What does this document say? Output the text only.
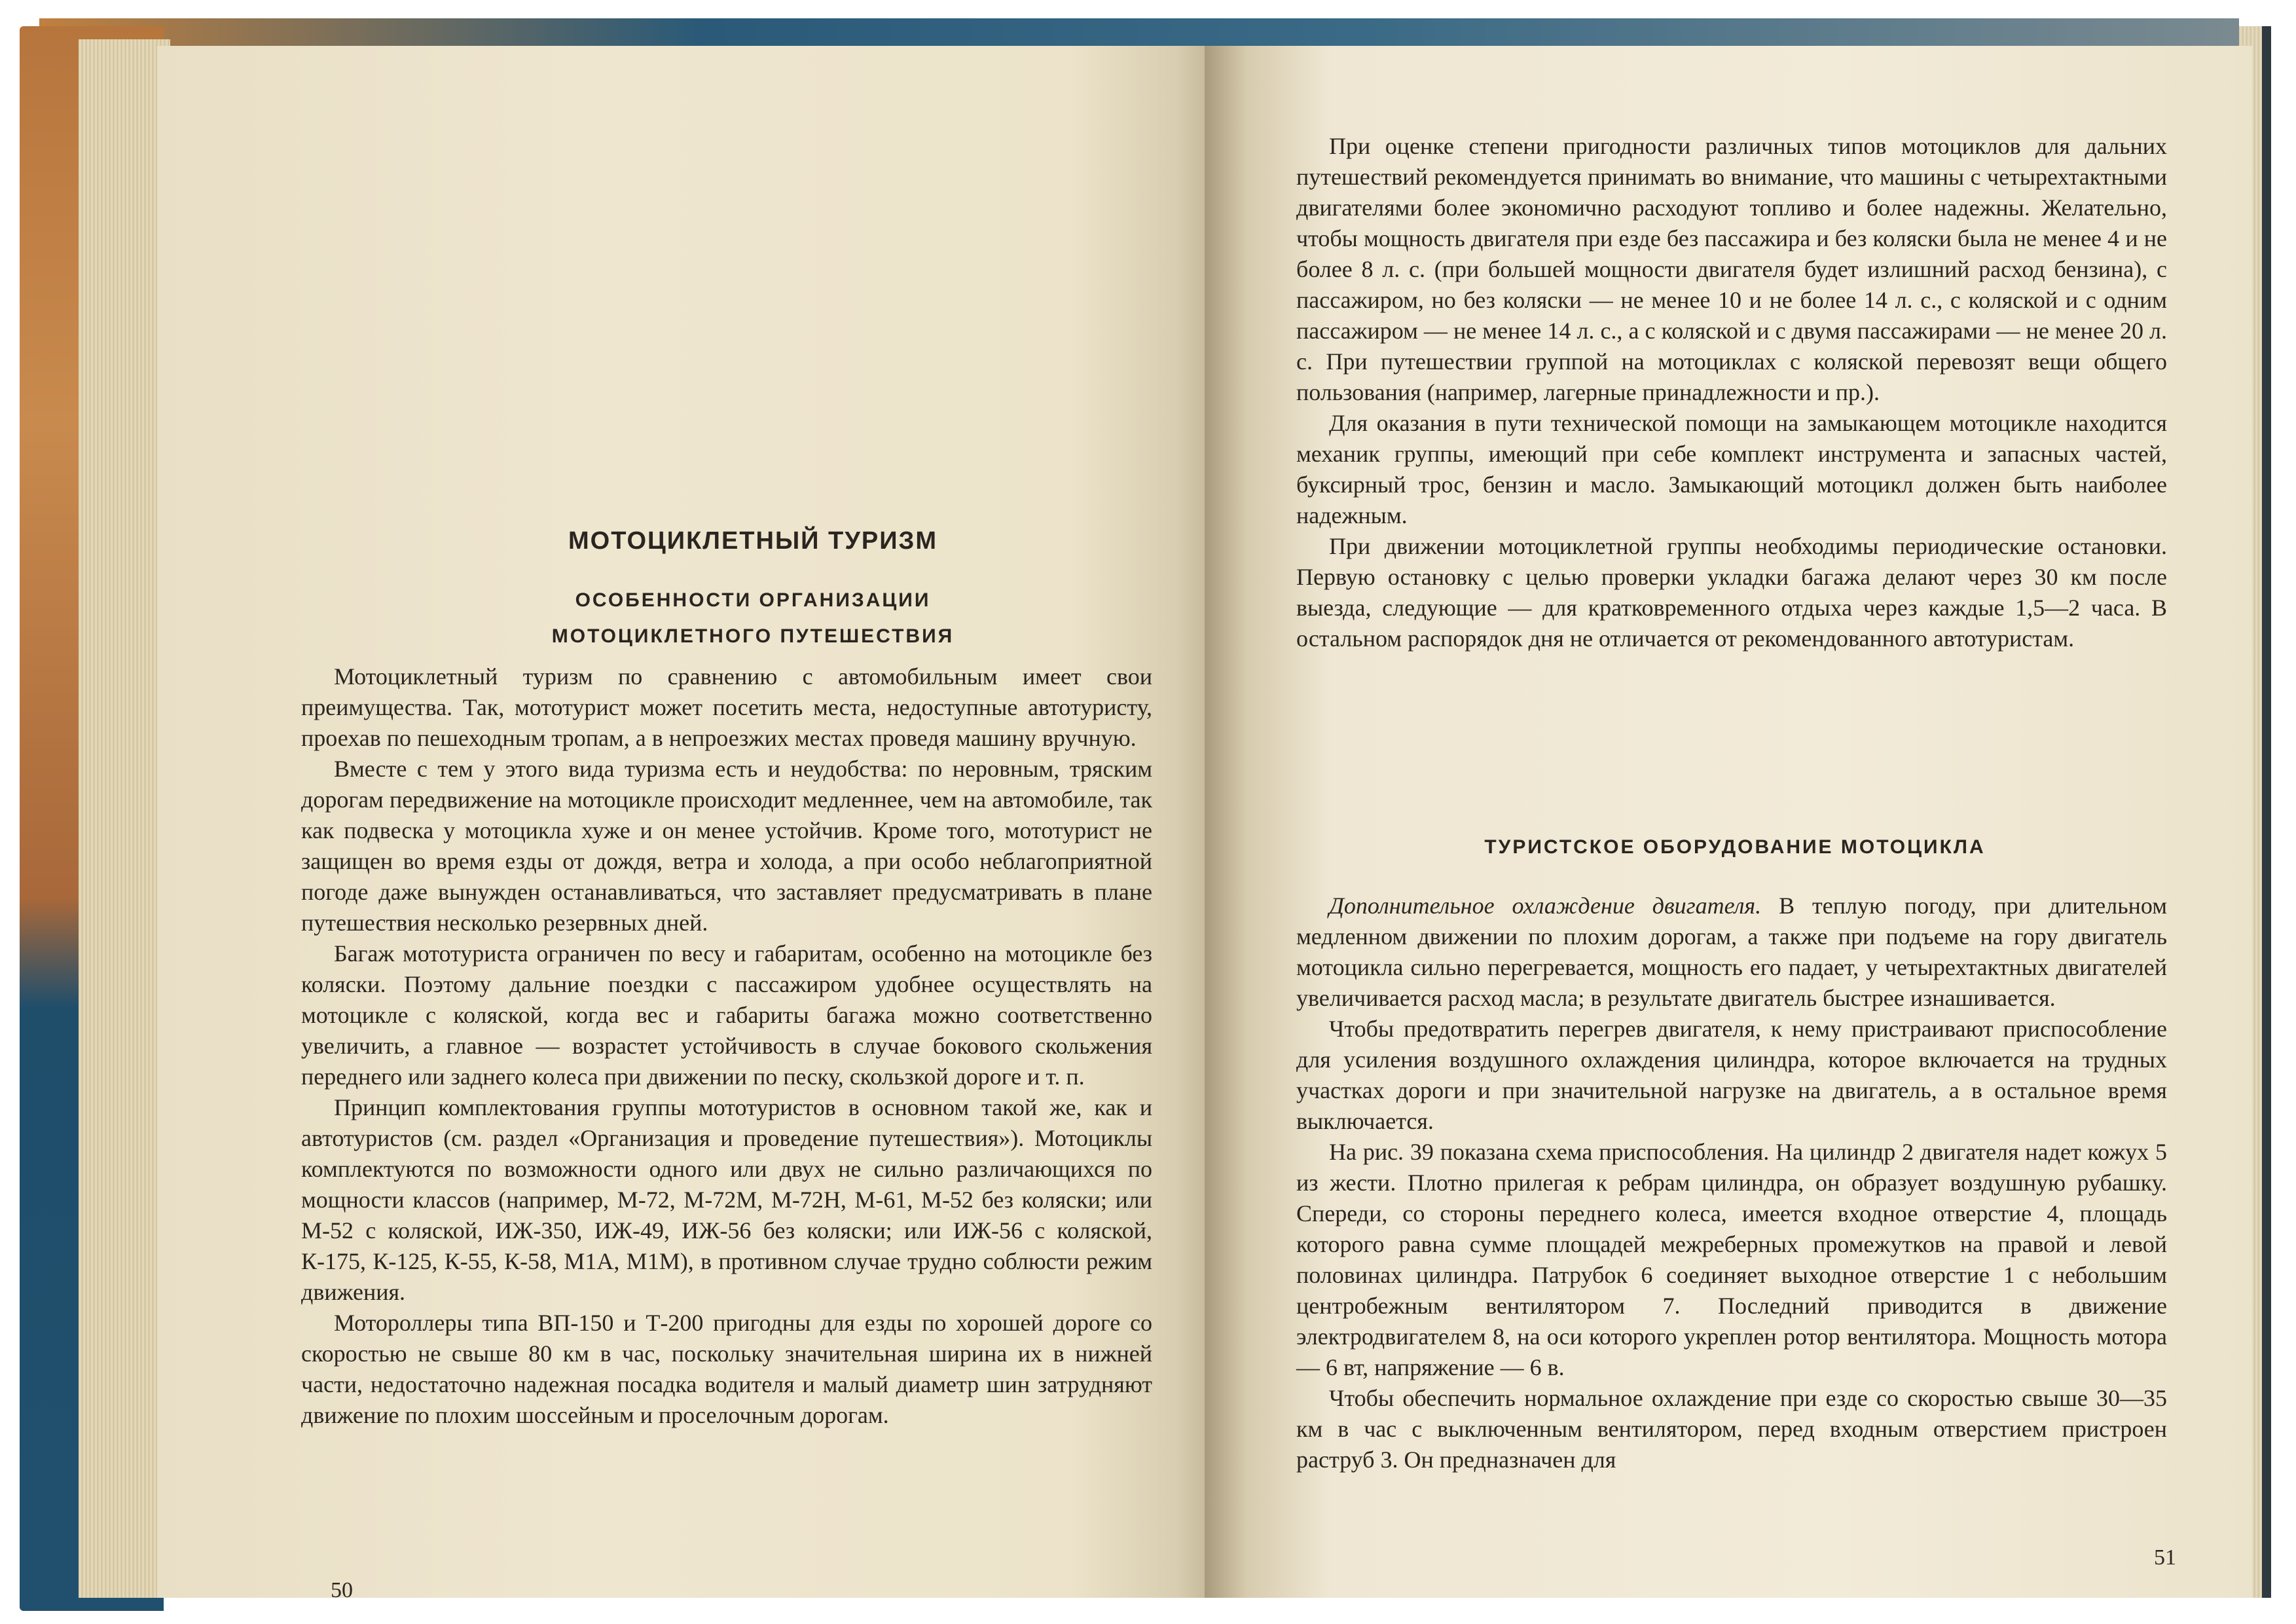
МОТОЦИКЛЕТНЫЙ ТУРИЗМ
ОСОБЕННОСТИ ОРГАНИЗАЦИИ
МОТОЦИКЛЕТНОГО ПУТЕШЕСТВИЯ

Мотоциклетный туризм по сравнению с автомобильным имеет свои преимущества. Так, мототурист может посетить места, недоступные автотуристу, проехав по пешеходным тропам, а в непроезжих местах проведя машину вручную.

Вместе с тем у этого вида туризма есть и неудобства: по неровным, тряским дорогам передвижение на мотоцикле происходит медленнее, чем на автомобиле, так как подвеска у мотоцикла хуже и он менее устойчив. Кроме того, мототурист не защищен во время езды от дождя, ветра и холода, а при особо неблагоприятной погоде даже вынужден останавливаться, что заставляет предусматривать в плане путешествия несколько резервных дней.

Багаж мототуриста ограничен по весу и габаритам, особенно на мотоцикле без коляски. Поэтому дальние поездки с пассажиром удобнее осуществлять на мотоцикле с коляской, когда вес и габариты багажа можно соответственно увеличить, а главное — возрастет устойчивость в случае бокового скольжения переднего или заднего колеса при движении по песку, скользкой дороге и т. п.

Принцип комплектования группы мототуристов в основном такой же, как и автотуристов (см. раздел «Организация и проведение путешествия»). Мотоциклы комплектуются по возможности одного или двух не сильно различающихся по мощности классов (например, М-72, М-72М, М-72Н, М-61, М-52 без коляски; или М-52 с коляской, ИЖ-350, ИЖ-49, ИЖ-56 без коляски; или ИЖ-56 с коляской, К-175, К-125, К-55, К-58, М1А, М1М), в противном случае трудно соблюсти режим движения.

Мотороллеры типа ВП-150 и Т-200 пригодны для езды по хорошей дороге со скоростью не свыше 80 км в час, поскольку значительная ширина их в нижней части, недостаточно надежная посадка водителя и малый диаметр шин затрудняют движение по плохим шоссейным и проселочным дорогам.

50

При оценке степени пригодности различных типов мотоциклов для дальних путешествий рекомендуется принимать во внимание, что машины с четырехтактными двигателями более экономично расходуют топливо и более надежны. Желательно, чтобы мощность двигателя при езде без пассажира и без коляски была не менее 4 и не более 8 л. с. (при большей мощности двигателя будет излишний расход бензина), с пассажиром, но без коляски — не менее 10 и не более 14 л. с., с коляской и с одним пассажиром — не менее 14 л. с., а с коляской и с двумя пассажирами — не менее 20 л. с. При путешествии группой на мотоциклах с коляской перевозят вещи общего пользования (например, лагерные принадлежности и пр.).

Для оказания в пути технической помощи на замыкающем мотоцикле находится механик группы, имеющий при себе комплект инструмента и запасных частей, буксирный трос, бензин и масло. Замыкающий мотоцикл должен быть наиболее надежным.

При движении мотоциклетной группы необходимы периодические остановки. Первую остановку с целью проверки укладки багажа делают через 30 км после выезда, следующие — для кратковременного отдыха через каждые 1,5—2 часа. В остальном распорядок дня не отличается от рекомендованного автотуристам.

ТУРИСТСКОЕ ОБОРУДОВАНИЕ МОТОЦИКЛА

Дополнительное охлаждение двигателя. В теплую погоду, при длительном медленном движении по плохим дорогам, а также при подъеме на гору двигатель мотоцикла сильно перегревается, мощность его падает, у четырехтактных двигателей увеличивается расход масла; в результате двигатель быстрее изнашивается.

Чтобы предотвратить перегрев двигателя, к нему пристраивают приспособление для усиления воздушного охлаждения цилиндра, которое включается на трудных участках дороги и при значительной нагрузке на двигатель, а в остальное время выключается.

На рис. 39 показана схема приспособления. На цилиндр 2 двигателя надет кожух 5 из жести. Плотно прилегая к ребрам цилиндра, он образует воздушную рубашку. Спереди, со стороны переднего колеса, имеется входное отверстие 4, площадь которого равна сумме площадей межреберных промежутков на правой и левой половинах цилиндра. Патрубок 6 соединяет выходное отверстие 1 с небольшим центробежным вентилятором 7. Последний приводится в движение электродвигателем 8, на оси которого укреплен ротор вентилятора. Мощность мотора — 6 вт, напряжение — 6 в.

Чтобы обеспечить нормальное охлаждение при езде со скоростью свыше 30—35 км в час с выключенным вентилятором, перед входным отверстием пристроен раструб 3. Он предназначен для

51
